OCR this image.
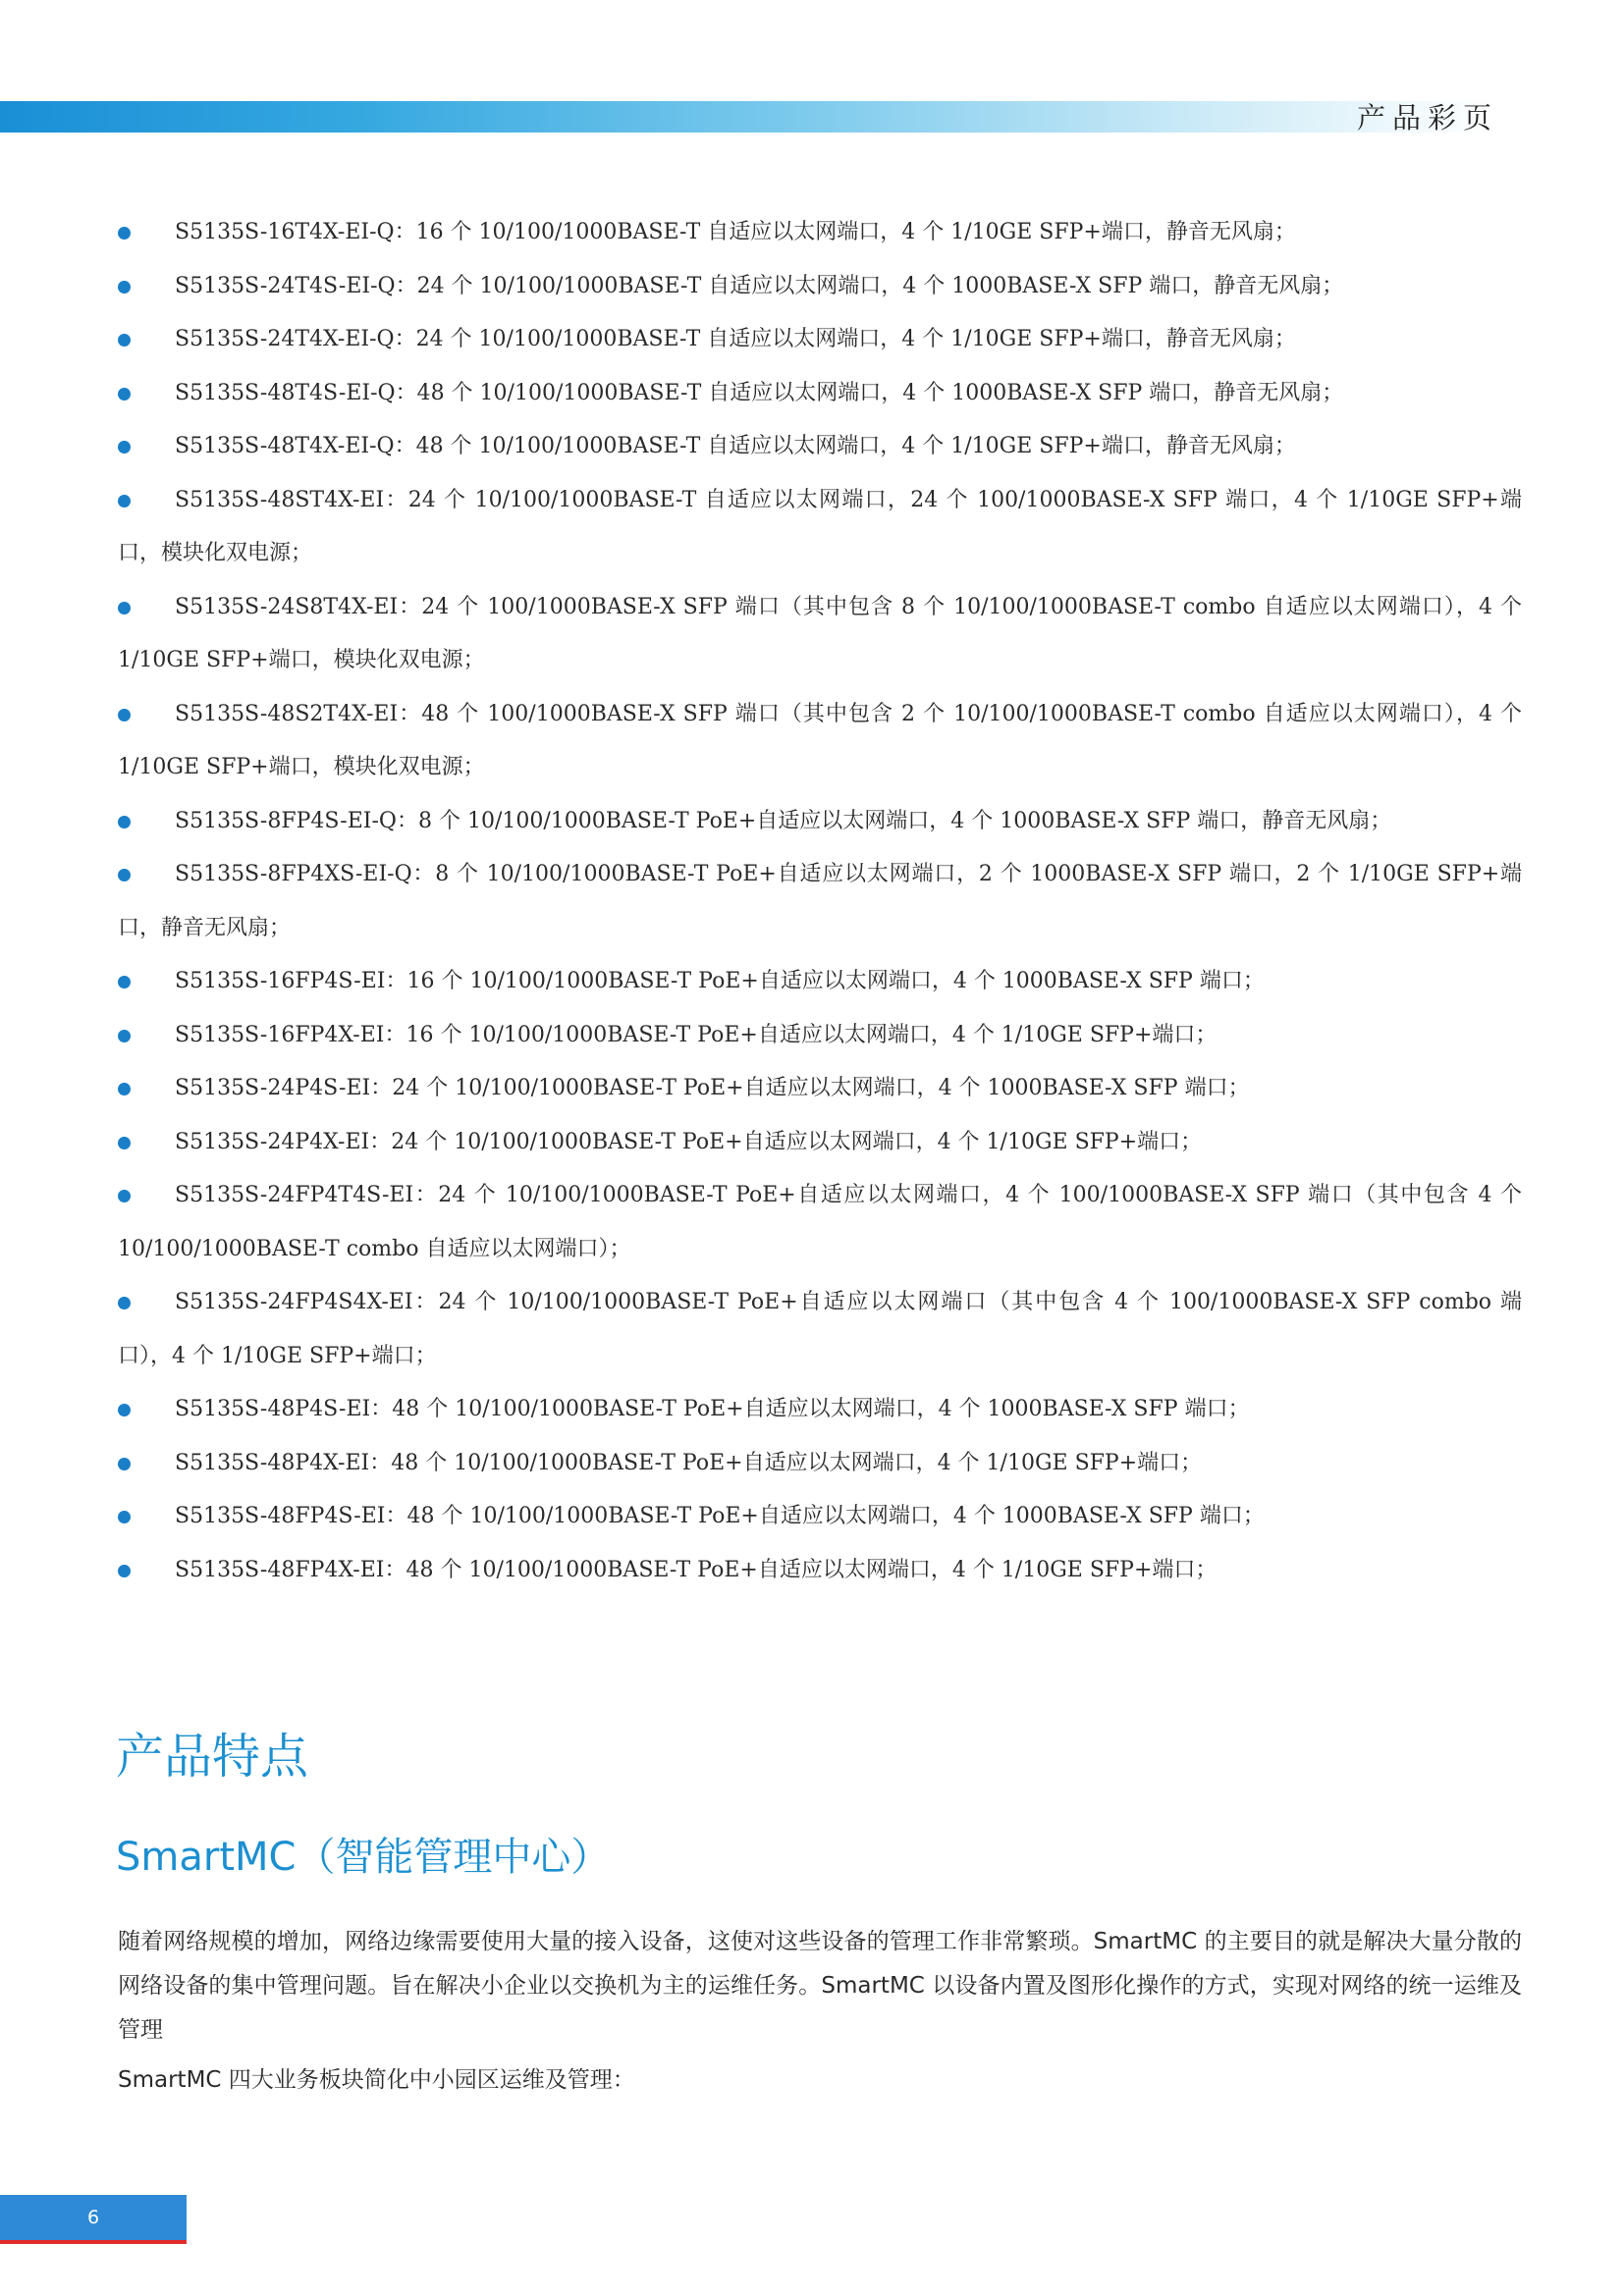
产品彩页
S5135S-16T4X-EI-Q：16 个 10/100/1000BASE-T 自适应以太网端口，4 个 1/10GE SFP+端口，静音无风扇；
S5135S-24T4S-EI-Q：24 个 10/100/1000BASE-T 自适应以太网端口，4 个 1000BASE-X SFP 端口，静音无风扇；
S5135S-24T4X-EI-Q：24 个 10/100/1000BASE-T 自适应以太网端口，4 个 1/10GE SFP+端口，静音无风扇；
S5135S-48T4S-EI-Q：48 个 10/100/1000BASE-T 自适应以太网端口，4 个 1000BASE-X SFP 端口，静音无风扇；
S5135S-48T4X-EI-Q：48 个 10/100/1000BASE-T 自适应以太网端口，4 个 1/10GE SFP+端口，静音无风扇；
S5135S-48ST4X-EI：24 个 10/100/1000BASE-T 自适应以太网端口，24 个 100/1000BASE-X SFP 端口，4 个 1/10GE SFP+端口，模块化双电源；
S5135S-24S8T4X-EI：24 个 100/1000BASE-X SFP 端口（其中包含 8 个 10/100/1000BASE-T combo 自适应以太网端口），4 个 1/10GE SFP+端口，模块化双电源；
S5135S-48S2T4X-EI：48 个 100/1000BASE-X SFP 端口（其中包含 2 个 10/100/1000BASE-T combo 自适应以太网端口），4 个 1/10GE SFP+端口，模块化双电源；
S5135S-8FP4S-EI-Q：8 个 10/100/1000BASE-T PoE+自适应以太网端口，4 个 1000BASE-X SFP 端口，静音无风扇；
S5135S-8FP4XS-EI-Q：8 个 10/100/1000BASE-T PoE+自适应以太网端口，2 个 1000BASE-X SFP 端口，2 个 1/10GE SFP+端口，静音无风扇；
S5135S-16FP4S-EI：16 个 10/100/1000BASE-T PoE+自适应以太网端口，4 个 1000BASE-X SFP 端口；
S5135S-16FP4X-EI：16 个 10/100/1000BASE-T PoE+自适应以太网端口，4 个 1/10GE SFP+端口；
S5135S-24P4S-EI：24 个 10/100/1000BASE-T PoE+自适应以太网端口，4 个 1000BASE-X SFP 端口；
S5135S-24P4X-EI：24 个 10/100/1000BASE-T PoE+自适应以太网端口，4 个 1/10GE SFP+端口；
S5135S-24FP4T4S-EI：24 个 10/100/1000BASE-T PoE+自适应以太网端口，4 个 100/1000BASE-X SFP 端口（其中包含 4 个 10/100/1000BASE-T combo 自适应以太网端口）；
S5135S-24FP4S4X-EI：24 个 10/100/1000BASE-T PoE+自适应以太网端口（其中包含 4 个 100/1000BASE-X SFP combo 端口），4 个 1/10GE SFP+端口；
S5135S-48P4S-EI：48 个 10/100/1000BASE-T PoE+自适应以太网端口，4 个 1000BASE-X SFP 端口；
S5135S-48P4X-EI：48 个 10/100/1000BASE-T PoE+自适应以太网端口，4 个 1/10GE SFP+端口；
S5135S-48FP4S-EI：48 个 10/100/1000BASE-T PoE+自适应以太网端口，4 个 1000BASE-X SFP 端口；
S5135S-48FP4X-EI：48 个 10/100/1000BASE-T PoE+自适应以太网端口，4 个 1/10GE SFP+端口；
产品特点
SmartMC（智能管理中心）

随着网络规模的增加，网络边缘需要使用大量的接入设备，这使对这些设备的管理工作非常繁琐。SmartMC 的主要目的就是解决大量分散的网络设备的集中管理问题。旨在解决小企业以交换机为主的运维任务。SmartMC 以设备内置及图形化操作的方式，实现对网络的统一运维及管理

SmartMC 四大业务板块简化中小园区运维及管理：

6
